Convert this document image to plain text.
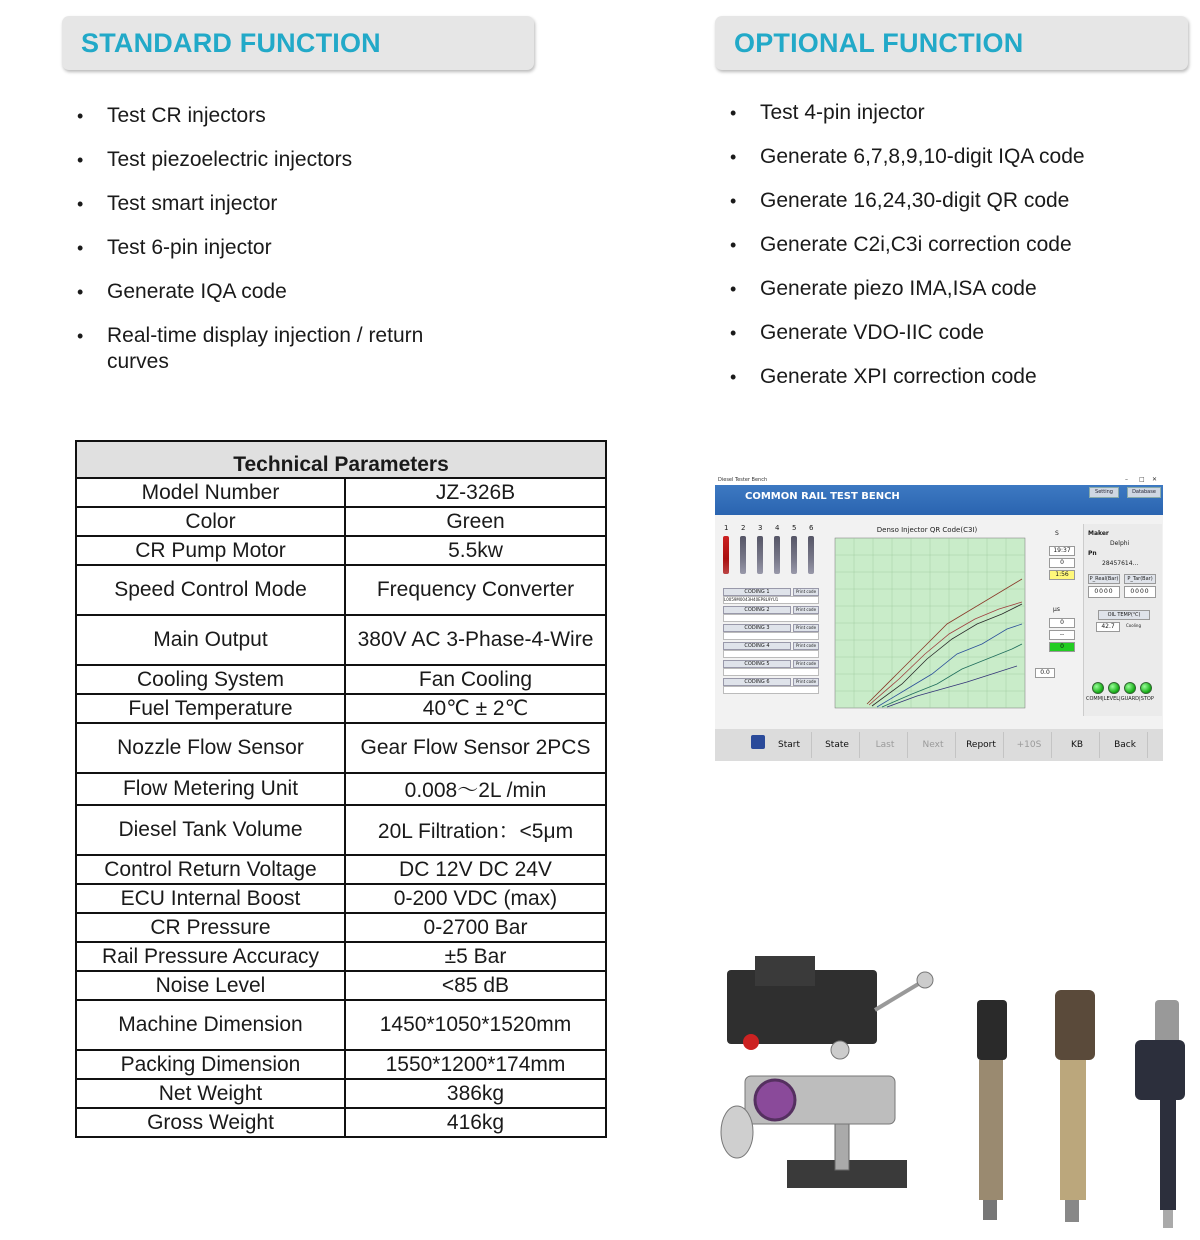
STANDARD FUNCTION	OPTIONAL FUNCTION
• Test CR injectors
• Test piezoelectric injectors
• Test smart injector
• Test 6-pin injector
• Generate IQA code
• Real-time display injection / return curves
• Test 4-pin injector
• Generate 6,7,8,9,10-digit IQA code
• Generate 16,24,30-digit QR code
• Generate C2i,C3i correction code
• Generate piezo IMA,ISA code
• Generate VDO-IIC code
• Generate XPI correction code
Technical Parameters	
Model Number	JZ-326B
Color	Green
CR Pump Motor	5.5kw
Speed Control Mode	Frequency Converter
Main Output	380V AC 3-Phase-4-Wire
Cooling System	Fan Cooling
Fuel Temperature	40℃ ± 2℃
Nozzle Flow Sensor	Gear Flow Sensor 2PCS
Flow Metering Unit	0.008～2L /min
Diesel Tank Volume	20L Filtration：<5μm
Control Return Voltage	DC 12V DC 24V
ECU Internal Boost	0-200 VDC (max)
CR Pressure	0-2700 Bar
Rail Pressure Accuracy	±5 Bar
Noise Level	<85 dB
Machine Dimension	1450*1050*1520mm
Packing Dimension	1550*1200*174mm
Net Weight	386kg
Gross Weight	416kg
Diesel Tester Bench	– □ ✕
COMMON RAIL TEST BENCH	Setting	Database
1 2 3 4 5 6
CODING 1	Print code
L0059M0043H40EP8L9YU1
CODING 2	Print code
CODING 3	Print code
CODING 4	Print code
CODING 5	Print code
CODING 6	Print code
Denso Injector QR Code(C3I)	S
19:37
0
1:56
μs
0
--
0
0.0
Maker
Delphi
Pn
28457614...
P_Real(Bar)	P_Tar(Bar)
0000	0000
OIL TEMP(℃)
42.7	Cooling
COMM|LEVEL|GUARD|STOP
Start	State	Last	Next	Report	+10S	KB	Back
